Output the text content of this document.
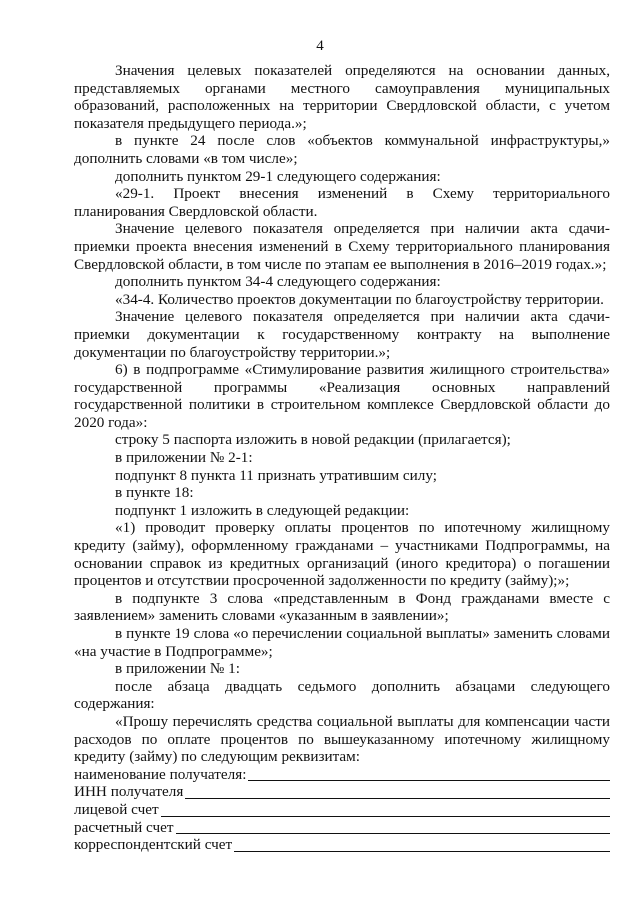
4

Значения целевых показателей определяются на основании данных, представляемых органами местного самоуправления муниципальных образований, расположенных на территории Свердловской области, с учетом показателя предыдущего периода.»;

в пункте 24 после слов «объектов коммунальной инфраструктуры,» дополнить словами «в том числе»;

дополнить пунктом 29-1 следующего содержания:

«29-1. Проект внесения изменений в Схему территориального планирования Свердловской области.

Значение целевого показателя определяется при наличии акта сдачи-приемки проекта внесения изменений в Схему территориального планирования Свердловской области, в том числе по этапам ее выполнения в 2016–2019 годах.»;

дополнить пунктом 34-4 следующего содержания:

«34-4. Количество проектов документации по благоустройству территории.

Значение целевого показателя определяется при наличии акта сдачи-приемки документации к государственному контракту на выполнение документации по благоустройству территории.»;

6) в подпрограмме «Стимулирование развития жилищного строительства» государственной программы «Реализация основных направлений государственной политики в строительном комплексе Свердловской области до 2020 года»:

строку 5 паспорта изложить в новой редакции (прилагается);

в приложении № 2-1:

подпункт 8 пункта 11 признать утратившим силу;

в пункте 18:

подпункт 1 изложить в следующей редакции:

«1) проводит проверку оплаты процентов по ипотечному жилищному кредиту (займу), оформленному гражданами – участниками Подпрограммы, на основании справок из кредитных организаций (иного кредитора) о погашении процентов и отсутствии просроченной задолженности по кредиту (займу);»;

в подпункте 3 слова «представленным в Фонд гражданами вместе с заявлением» заменить словами «указанным в заявлении»;

в пункте 19 слова «о перечислении социальной выплаты» заменить словами «на участие в Подпрограмме»;

в приложении № 1:

после абзаца двадцать седьмого дополнить абзацами следующего содержания:

«Прошу перечислять средства социальной выплаты для компенсации части расходов по оплате процентов по вышеуказанному ипотечному жилищному кредиту (займу) по следующим реквизитам:

наименование получателя:
ИНН получателя
лицевой счет
расчетный счет
корреспондентский счет
